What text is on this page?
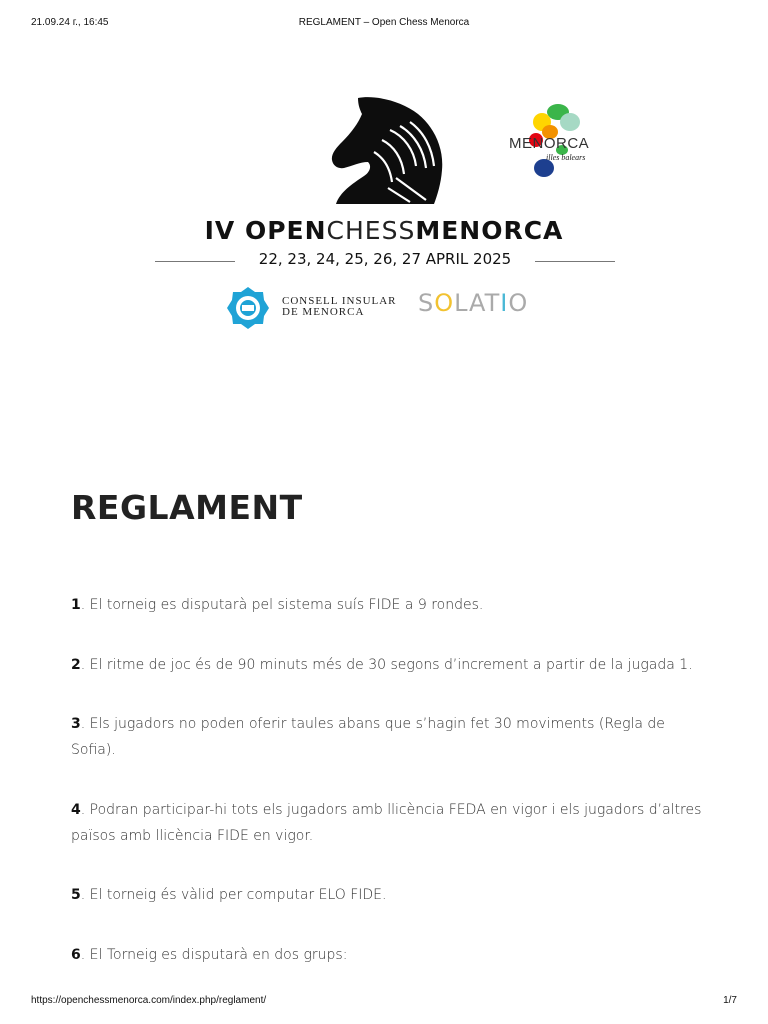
21.09.24 г., 16:45	REGLAMENT – Open Chess Menorca
MENORCA
illes balears
IV OPENCHESSMENORCA
22, 23, 24, 25, 26, 27 APRIL 2025
CONSELL INSULAR
DE MENORCA SOLATIO
REGLAMENT

1. El torneig es disputarà pel sistema suís FIDE a 9 rondes.

2. El ritme de joc és de 90 minuts més de 30 segons d’increment a partir de la jugada 1.

3. Els jugadors no poden oferir taules abans que s’hagin fet 30 moviments (Regla de Sofia).

4. Podran participar-hi tots els jugadors amb llicència FEDA en vigor i els jugadors d’altres països amb llicència FIDE en vigor.

5. El torneig és vàlid per computar ELO FIDE.

6. El Torneig es disputarà en dos grups:

https://openchessmenorca.com/index.php/reglament/	1/7
